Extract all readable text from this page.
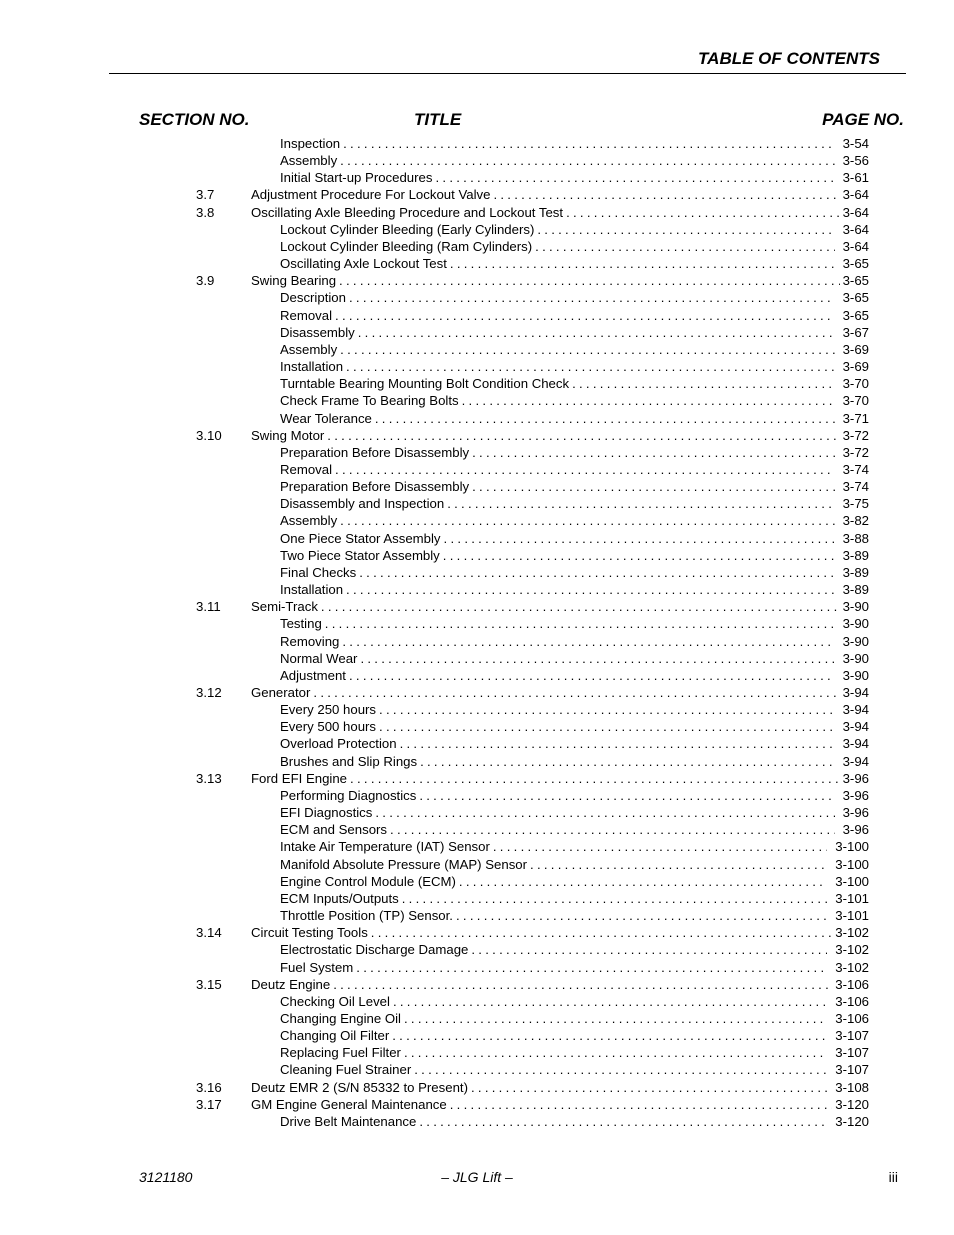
TABLE OF CONTENTS
SECTION NO.	TITLE	PAGE NO.
Inspection . . .	3-54
Assembly . . .	3-56
Initial Start-up Procedures . . .	3-61
3.7	Adjustment Procedure For Lockout Valve . . .	3-64
3.8	Oscillating Axle Bleeding Procedure and Lockout Test . . .	3-64
Lockout Cylinder Bleeding (Early Cylinders) . . .	3-64
Lockout Cylinder Bleeding (Ram Cylinders) . . .	3-64
Oscillating Axle Lockout Test . . .	3-65
3.9	Swing Bearing . . .	3-65
Description . . .	3-65
Removal . . .	3-65
Disassembly . . .	3-67
Assembly . . .	3-69
Installation . . .	3-69
Turntable Bearing Mounting Bolt Condition Check . . .	3-70
Check Frame To Bearing Bolts . . .	3-70
Wear Tolerance . . .	3-71
3.10 Swing Motor . . .	3-72
Preparation Before Disassembly . . .	3-72
Removal . . .	3-74
Preparation Before Disassembly . . .	3-74
Disassembly and Inspection . . .	3-75
Assembly . . .	3-82
One Piece Stator Assembly . . .	3-88
Two Piece Stator Assembly . . .	3-89
Final Checks . . .	3-89
Installation . . .	3-89
3.11 Semi-Track . . .	3-90
Testing . . .	3-90
Removing . . .	3-90
Normal Wear . . .	3-90
Adjustment . . .	3-90
3.12 Generator . . .	3-94
Every 250 hours . . .	3-94
Every 500 hours . . .	3-94
Overload Protection . . .	3-94
Brushes and Slip Rings . . .	3-94
3.13 Ford EFI Engine . . .	3-96
Performing Diagnostics . . .	3-96
EFI Diagnostics . . .	3-96
ECM and Sensors . . .	3-96
Intake Air Temperature (IAT) Sensor . . .	3-100
Manifold Absolute Pressure (MAP) Sensor . . .	3-100
Engine Control Module (ECM) . . .	3-100
ECM Inputs/Outputs . . .	3-101
Throttle Position (TP) Sensor. . . .	3-101
3.14 Circuit Testing Tools . . .	3-102
Electrostatic Discharge Damage . . .	3-102
Fuel System . . .	3-102
3.15 Deutz Engine . . .	3-106
Checking Oil Level . . .	3-106
Changing Engine Oil . . .	3-106
Changing Oil Filter . . .	3-107
Replacing Fuel Filter . . .	3-107
Cleaning Fuel Strainer . . .	3-107
3.16 Deutz EMR 2 (S/N 85332 to Present) . . .	3-108
3.17 GM Engine General Maintenance . . .	3-120
Drive Belt Maintenance . . .	3-120
3121180	– JLG Lift –	iii
